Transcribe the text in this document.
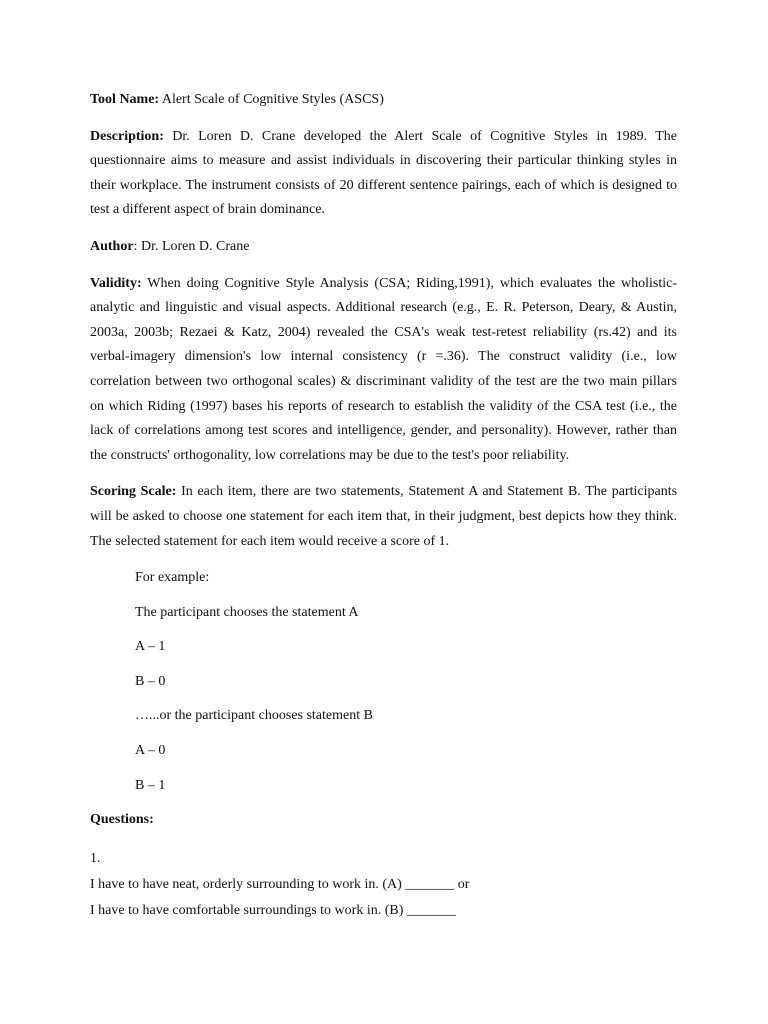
Tool Name: Alert Scale of Cognitive Styles (ASCS)

Description: Dr. Loren D. Crane developed the Alert Scale of Cognitive Styles in 1989. The questionnaire aims to measure and assist individuals in discovering their particular thinking styles in their workplace. The instrument consists of 20 different sentence pairings, each of which is designed to test a different aspect of brain dominance.

Author: Dr. Loren D. Crane

Validity: When doing Cognitive Style Analysis (CSA; Riding,1991), which evaluates the wholistic-analytic and linguistic and visual aspects. Additional research (e.g., E. R. Peterson, Deary, & Austin, 2003a, 2003b; Rezaei & Katz, 2004) revealed the CSA's weak test-retest reliability (rs.42) and its verbal-imagery dimension's low internal consistency (r =.36). The construct validity (i.e., low correlation between two orthogonal scales) & discriminant validity of the test are the two main pillars on which Riding (1997) bases his reports of research to establish the validity of the CSA test (i.e., the lack of correlations among test scores and intelligence, gender, and personality). However, rather than the constructs' orthogonality, low correlations may be due to the test's poor reliability.

Scoring Scale: In each item, there are two statements, Statement A and Statement B. The participants will be asked to choose one statement for each item that, in their judgment, best depicts how they think. The selected statement for each item would receive a score of 1.

For example:

The participant chooses the statement A

A – 1

B – 0

…...or the participant chooses statement B

A – 0

B – 1

Questions:

1.

I have to have neat, orderly surrounding to work in. (A) _______ or

I have to have comfortable surroundings to work in. (B) _______
